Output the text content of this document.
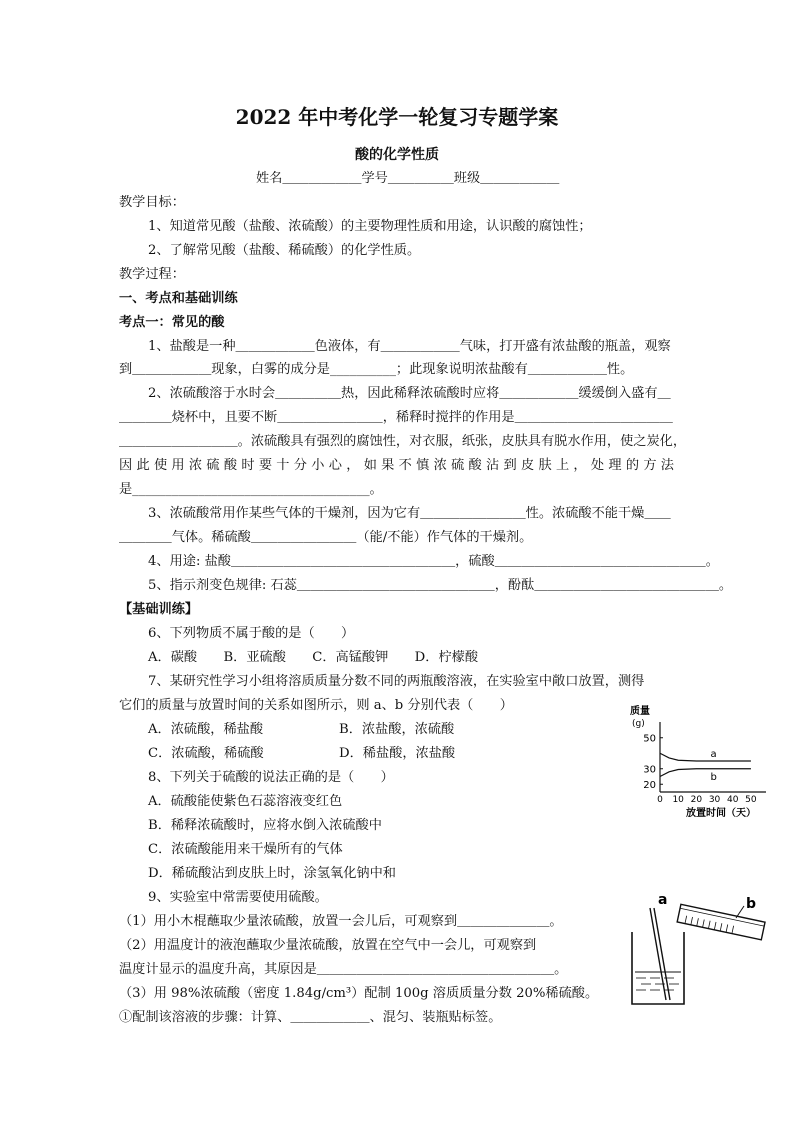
2022 年中考化学一轮复习专题学案
酸的化学性质
姓名＿＿＿＿＿＿学号＿＿＿＿＿班级＿＿＿＿＿＿
教学目标：
1、知道常见酸（盐酸、浓硫酸）的主要物理性质和用途，认识酸的腐蚀性；
2、了解常见酸（盐酸、稀硫酸）的化学性质。
教学过程：
一、考点和基础训练
考点一：常见的酸
1、盐酸是一种＿＿＿＿＿＿色液体，有＿＿＿＿＿＿气味，打开盛有浓盐酸的瓶盖，观察
到＿＿＿＿＿＿现象，白雾的成分是__________；此现象说明浓盐酸有＿＿＿＿＿＿性。
2、浓硫酸溶于水时会＿＿＿＿＿热，因此稀释浓硫酸时应将＿＿＿＿＿＿缓缓倒入盛有＿
＿＿＿＿烧杯中，且要不断＿＿＿＿＿＿＿＿，稀释时搅拌的作用是＿＿＿＿＿＿＿＿＿＿＿＿
＿＿＿＿＿＿＿＿＿。浓硫酸具有强烈的腐蚀性，对衣服，纸张，皮肤具有脱水作用，使之炭化，
因此使用浓硫酸时要十分小心，如果不慎浓硫酸沾到皮肤上，处理的方法
是____________________________________。
3、浓硫酸常用作某些气体的干燥剂，因为它有＿＿＿＿＿＿＿＿性。浓硫酸不能干燥＿＿
＿＿＿＿气体。稀硫酸＿＿＿＿＿＿＿＿（能/不能）作气体的干燥剂。
4、用途: 盐酸＿＿＿＿＿＿＿＿＿＿＿＿＿＿＿＿＿，硫酸＿＿＿＿＿＿＿＿＿＿＿＿＿＿＿＿。
5、指示剂变色规律: 石蕊＿＿＿＿＿＿＿＿＿＿＿＿＿＿＿，酚酞＿＿＿＿＿＿＿＿＿＿＿＿＿＿。
【基础训练】
6、下列物质不属于酸的是（　　）
A．碳酸　　B．亚硫酸　　C．高锰酸钾　　D．柠檬酸
7、某研究性学习小组将溶质质量分数不同的两瓶酸溶液，在实验室中敞口放置，测得
它们的质量与放置时间的关系如图所示，则 a、b 分别代表（　　）
A．浓硫酸，稀盐酸	B．浓盐酸，浓硫酸
C．浓硫酸，稀硫酸	D．稀盐酸，浓盐酸
8、下列关于硫酸的说法正确的是（　　）
A．硫酸能使紫色石蕊溶液变红色
B．稀释浓硫酸时，应将水倒入浓硫酸中
C．浓硫酸能用来干燥所有的气体
D．稀硫酸沾到皮肤上时，涂氢氧化钠中和
9、实验室中常需要使用硫酸。
（1）用小木棍蘸取少量浓硫酸，放置一会儿后，可观察到＿＿＿＿＿＿＿。
（2）用温度计的液泡蘸取少量浓硫酸，放置在空气中一会儿，可观察到
温度计显示的温度升高，其原因是＿＿＿＿＿＿＿＿＿＿＿＿＿＿＿＿＿＿。
（3）用 98%浓硫酸（密度 1.84g/cm³）配制 100g 溶质质量分数 20%稀硫酸。
①配制该溶液的步骤：计算、＿＿＿＿＿＿、混匀、装瓶贴标签。
质量
(g)
放置时间（天）
20
30
50
0 10 20 30 40 50
a
b
a	b
